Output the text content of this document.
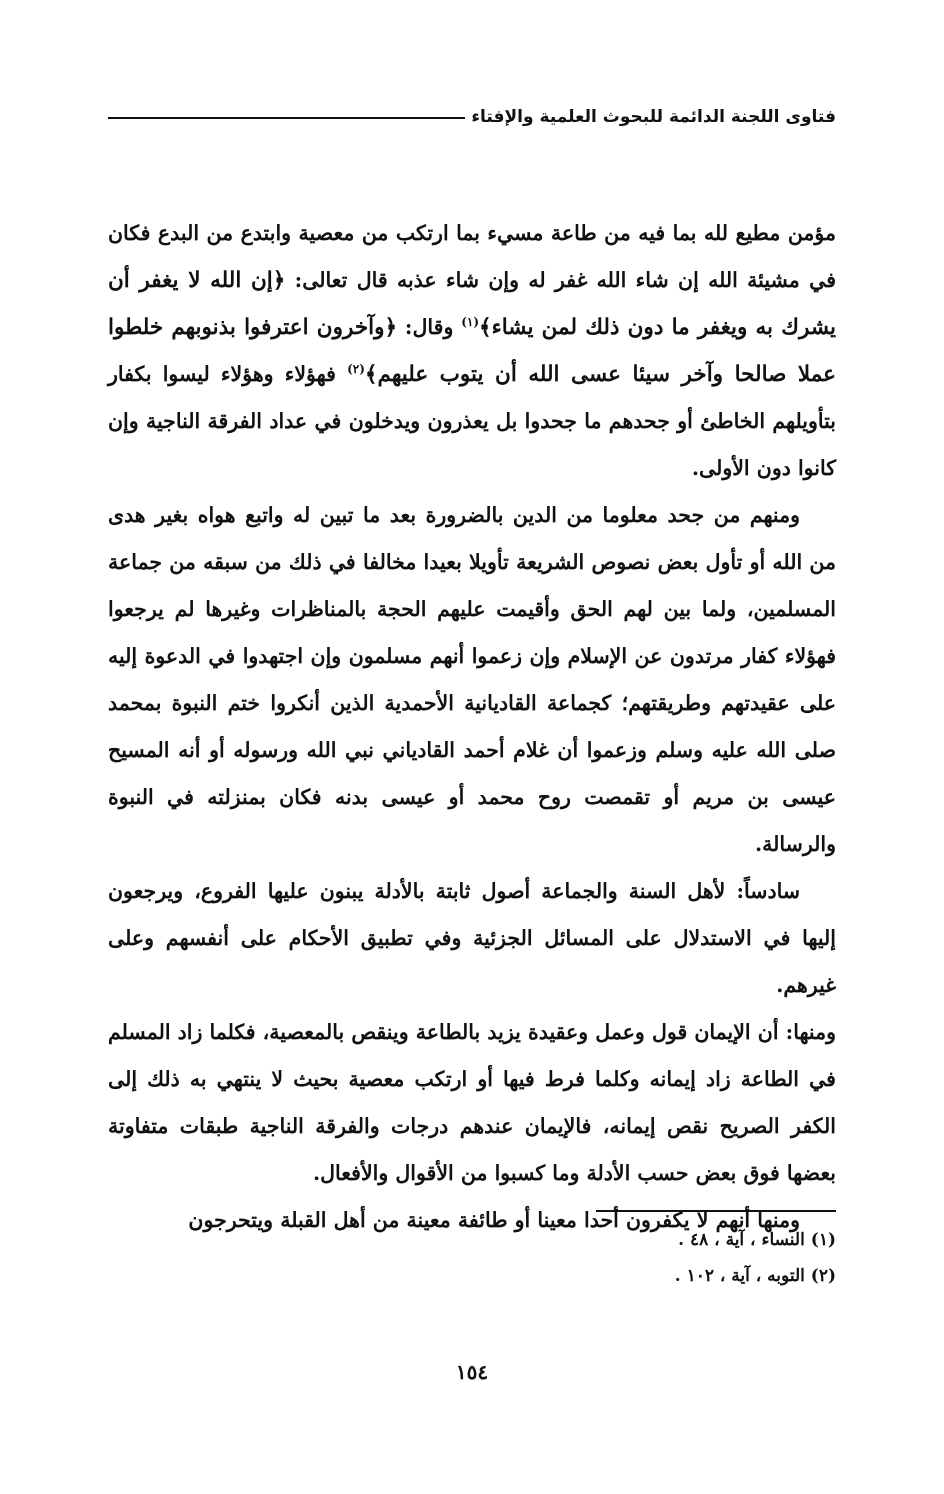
فتاوى اللجنة الدائمة للبحوث العلمية والإفتاء

مؤمن مطيع لله بما فيه من طاعة مسيء بما ارتكب من معصية وابتدع من البدع فكان في مشيئة الله إن شاء الله غفر له وإن شاء عذبه قال تعالى: ﴿إن الله لا يغفر أن يشرك به ويغفر ما دون ذلك لمن يشاء﴾$^{(١)}$ وقال: ﴿وآخرون اعترفوا بذنوبهم خلطوا عملا صالحا وآخر سيئا عسى الله أن يتوب عليهم﴾$^{(٢)}$ فهؤلاء وهؤلاء ليسوا بكفار بتأويلهم الخاطئ أو جحدهم ما جحدوا بل يعذرون ويدخلون في عداد الفرقة الناجية وإن كانوا دون الأولى.

ومنهم من جحد معلوما من الدين بالضرورة بعد ما تبين له واتبع هواه بغير هدى من الله أو تأول بعض نصوص الشريعة تأويلا بعيدا مخالفا في ذلك من سبقه من جماعة المسلمين، ولما بين لهم الحق وأقيمت عليهم الحجة بالمناظرات وغيرها لم يرجعوا فهؤلاء كفار مرتدون عن الإسلام وإن زعموا أنهم مسلمون وإن اجتهدوا في الدعوة إليه على عقيدتهم وطريقتهم؛ كجماعة القاديانية الأحمدية الذين أنكروا ختم النبوة بمحمد صلى الله عليه وسلم وزعموا أن غلام أحمد القادياني نبي الله ورسوله أو أنه المسيح عيسى بن مريم أو تقمصت روح محمد أو عيسى بدنه فكان بمنزلته في النبوة والرسالة.

سادساً: لأهل السنة والجماعة أصول ثابتة بالأدلة يبنون عليها الفروع، ويرجعون إليها في الاستدلال على المسائل الجزئية وفي تطبيق الأحكام على أنفسهم وعلى غيرهم.

ومنها: أن الإيمان قول وعمل وعقيدة يزيد بالطاعة وينقص بالمعصية، فكلما زاد المسلم في الطاعة زاد إيمانه وكلما فرط فيها أو ارتكب معصية بحيث لا ينتهي به ذلك إلى الكفر الصريح نقص إيمانه، فالإيمان عندهم درجات والفرقة الناجية طبقات متفاوتة بعضها فوق بعض حسب الأدلة وما كسبوا من الأقوال والأفعال.

ومنها أنهم لا يكفرون أحدا معينا أو طائفة معينة من أهل القبلة ويتحرجون

(١) النساء ، آية ، ٤٨ .

(٢) التوبه ، آية ، ١٠٢ .

١٥٤
